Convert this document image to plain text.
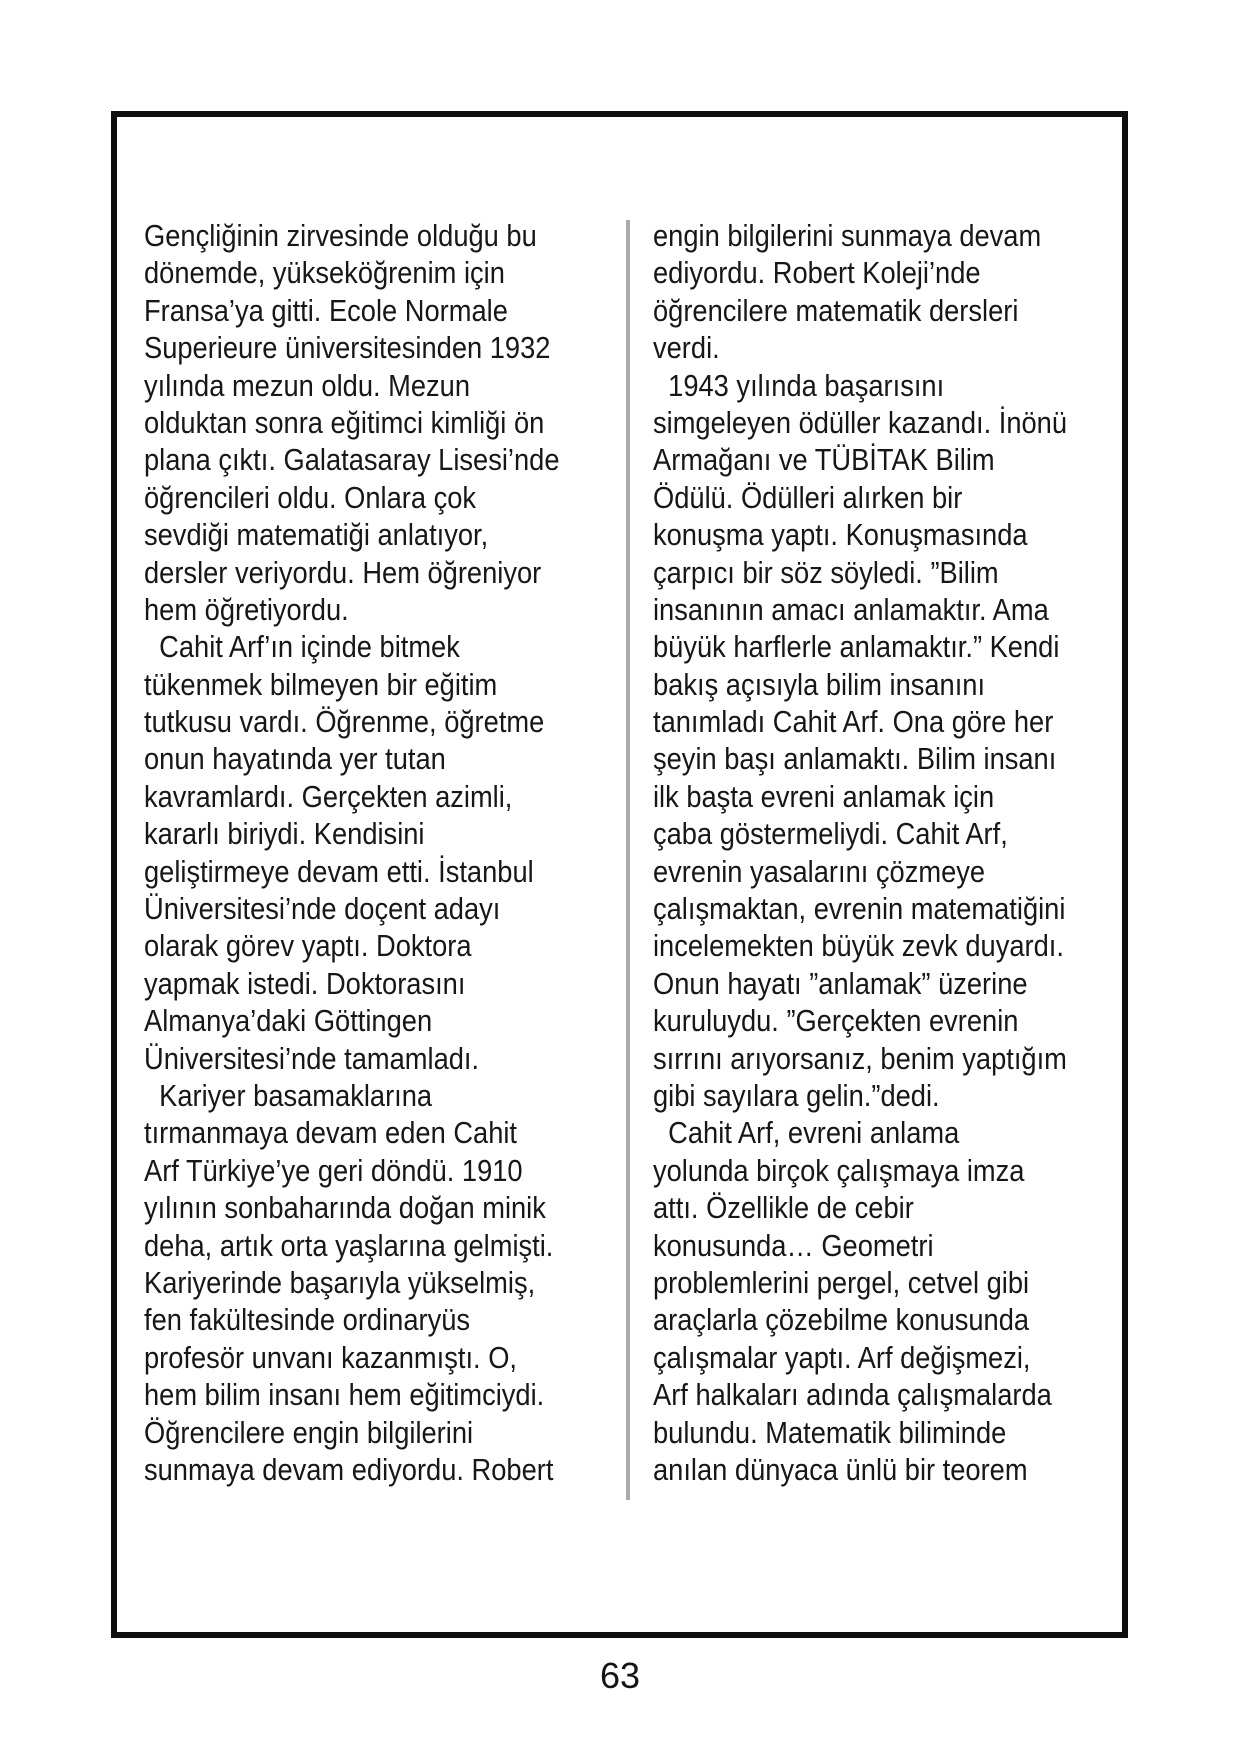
Gençliğinin zirvesinde olduğu bu
dönemde, yükseköğrenim için
Fransa’ya gitti. Ecole Normale
Superieure üniversitesinden 1932
yılında mezun oldu. Mezun
olduktan sonra eğitimci kimliği ön
plana çıktı. Galatasaray Lisesi’nde
öğrencileri oldu. Onlara çok
sevdiği matematiği anlatıyor,
dersler veriyordu. Hem öğreniyor
hem öğretiyordu.
Cahit Arf’ın içinde bitmek
tükenmek bilmeyen bir eğitim
tutkusu vardı. Öğrenme, öğretme
onun hayatında yer tutan
kavramlardı. Gerçekten azimli,
kararlı biriydi. Kendisini
geliştirmeye devam etti. İstanbul
Üniversitesi’nde doçent adayı
olarak görev yaptı. Doktora
yapmak istedi. Doktorasını
Almanya’daki Göttingen
Üniversitesi’nde tamamladı.
Kariyer basamaklarına
tırmanmaya devam eden Cahit
Arf Türkiye’ye geri döndü. 1910
yılının sonbaharında doğan minik
deha, artık orta yaşlarına gelmişti.
Kariyerinde başarıyla yükselmiş,
fen fakültesinde ordinaryüs
profesör unvanı kazanmıştı. O,
hem bilim insanı hem eğitimciydi.
Öğrencilere engin bilgilerini
sunmaya devam ediyordu. Robert
engin bilgilerini sunmaya devam
ediyordu. Robert Koleji’nde
öğrencilere matematik dersleri
verdi.
1943 yılında başarısını
simgeleyen ödüller kazandı. İnönü
Armağanı ve TÜBİTAK Bilim
Ödülü. Ödülleri alırken bir
konuşma yaptı. Konuşmasında
çarpıcı bir söz söyledi. ”Bilim
insanının amacı anlamaktır. Ama
büyük harflerle anlamaktır.” Kendi
bakış açısıyla bilim insanını
tanımladı Cahit Arf. Ona göre her
şeyin başı anlamaktı. Bilim insanı
ilk başta evreni anlamak için
çaba göstermeliydi. Cahit Arf,
evrenin yasalarını çözmeye
çalışmaktan, evrenin matematiğini
incelemekten büyük zevk duyardı.
Onun hayatı ”anlamak” üzerine
kuruluydu. ”Gerçekten evrenin
sırrını arıyorsanız, benim yaptığım
gibi sayılara gelin.”dedi.
Cahit Arf, evreni anlama
yolunda birçok çalışmaya imza
attı. Özellikle de cebir
konusunda… Geometri
problemlerini pergel, cetvel gibi
araçlarla çözebilme konusunda
çalışmalar yaptı. Arf değişmezi,
Arf halkaları adında çalışmalarda
bulundu. Matematik biliminde
anılan dünyaca ünlü bir teorem
63
